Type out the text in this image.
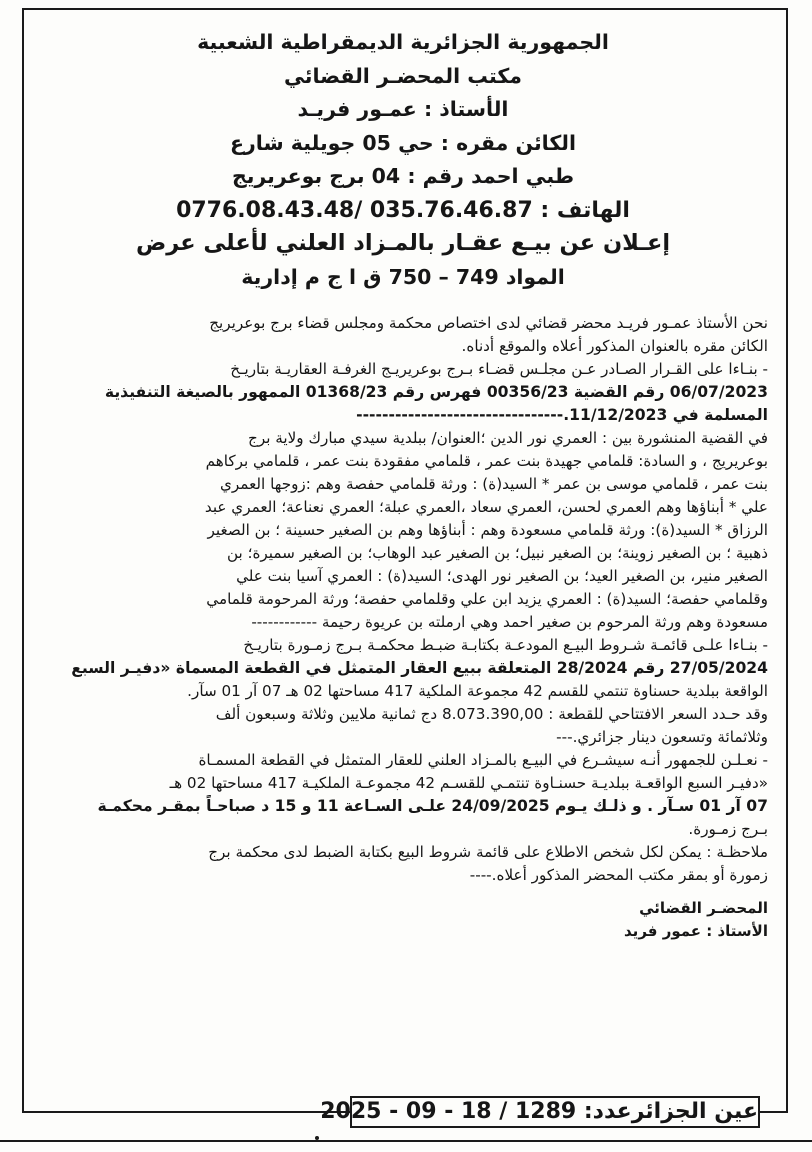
الجمهورية الجزائرية الديمقراطية الشعبية
مكتب المحضـر القضائي
الأستاذ : عمـور فريـد
الكائن مقره : حي 05 جويلية شارع
طبي احمد رقم : 04 برج بوعريريج
الهاتف : 035.76.46.87 /0776.08.43.48
إعـلان عن بيـع عقـار بالمـزاد العلني لأعلى عرض
المواد 749 – 750 ق ا ج م إدارية
نحن الأستاذ عمـور فريـد محضر قضائي لدى اختصاص محكمة ومجلس قضاء برج بوعريريج
الكائن مقره بالعنوان المذكور أعلاه والموقع أدناه.
- بنـاءا على القـرار الصـادر عـن مجلـس قضـاء بـرج بوعريريـج الغرفـة العقاريـة بتاريـخ
06/07/2023 رقم القضية 00356/23 فهرس رقم 01368/23 الممهور بالصيغة التنفيذية
المسلمة في 11/12/2023.--------------------------------
في القضية المنشورة بين : العمري نور الدين ؛العنوان/ ببلدية سيدي مبارك ولاية برج
بوعريريج ، و السادة: قلمامي جهيدة بنت عمر ، قلمامي مفقودة بنت عمر ، قلمامي بركاهم
بنت عمر ، قلمامي موسى بن عمر * السيد(ة) : ورثة قلمامي حفصة وهم :زوجها العمري
علي * أبناؤها وهم العمري لحسن، العمري سعاد ،العمري عبلة؛ العمري نعناعة؛ العمري عبد
الرزاق * السيد(ة): ورثة قلمامي مسعودة وهم : أبناؤها وهم بن الصغير حسينة ؛ بن الصغير
ذهبية ؛ بن الصغير زوينة؛ بن الصغير نبيل؛ بن الصغير عبد الوهاب؛ بن الصغير سميرة؛ بن
الصغير منير، بن الصغير العيد؛ بن الصغير نور الهدى؛ السيد(ة) : العمري آسيا بنت علي
وقلمامي حفصة؛ السيد(ة) : العمري يزيد ابن علي وقلمامي حفصة؛ ورثة المرحومة قلمامي
مسعودة وهم ورثة المرحوم بن صغير احمد وهي ارملته بن عريوة رحيمة ------------
- بنـاءا علـى قائمـة شـروط البيـع المودعـة بكتابـة ضبـط محكمـة بـرج زمـورة بتاريـخ
27/05/2024 رقم 28/2024 المتعلقة ببيع العقار المتمثل في القطعة المسماة «دفيـر السبع
الواقعة ببلدية حسناوة تنتمي للقسم 42 مجموعة الملكية 417 مساحتها 02 هـ 07 آر 01 سآر.
وقد حـدد السعر الافتتاحي للقطعة : 8.073.390,00 دج ثمانية ملايين وثلاثة وسبعون ألف
وثلاثمائة وتسعون دينار جزائري.---
- نعـلـن للجمهور أنـه سيشـرع في البيـع بالمـزاد العلني للعقار المتمثل في القطعة المسمـاة
«دفيـر السبع الواقعـة ببلديـة حسنـاوة تنتمـي للقسـم 42 مجموعـة الملكيـة 417 مساحتها 02 هـ
07 آر 01 سـآر . و ذلـك يـوم 24/09/2025 علـى السـاعة 11 و 15 د صباحـاً بمقـر محكمـة
بـرج زمـورة.
ملاحظـة : يمكن لكل شخص الاطلاع على قائمة شروط البيع بكتابة الضبط لدى محكمة برج
زمورة أو بمقر مكتب المحضر المذكور أعلاه.----
المحضـر القضائي
الأستاذ : عمور فريد
عين الجزائرعدد: 1289 / 18 - 09 - 2025
